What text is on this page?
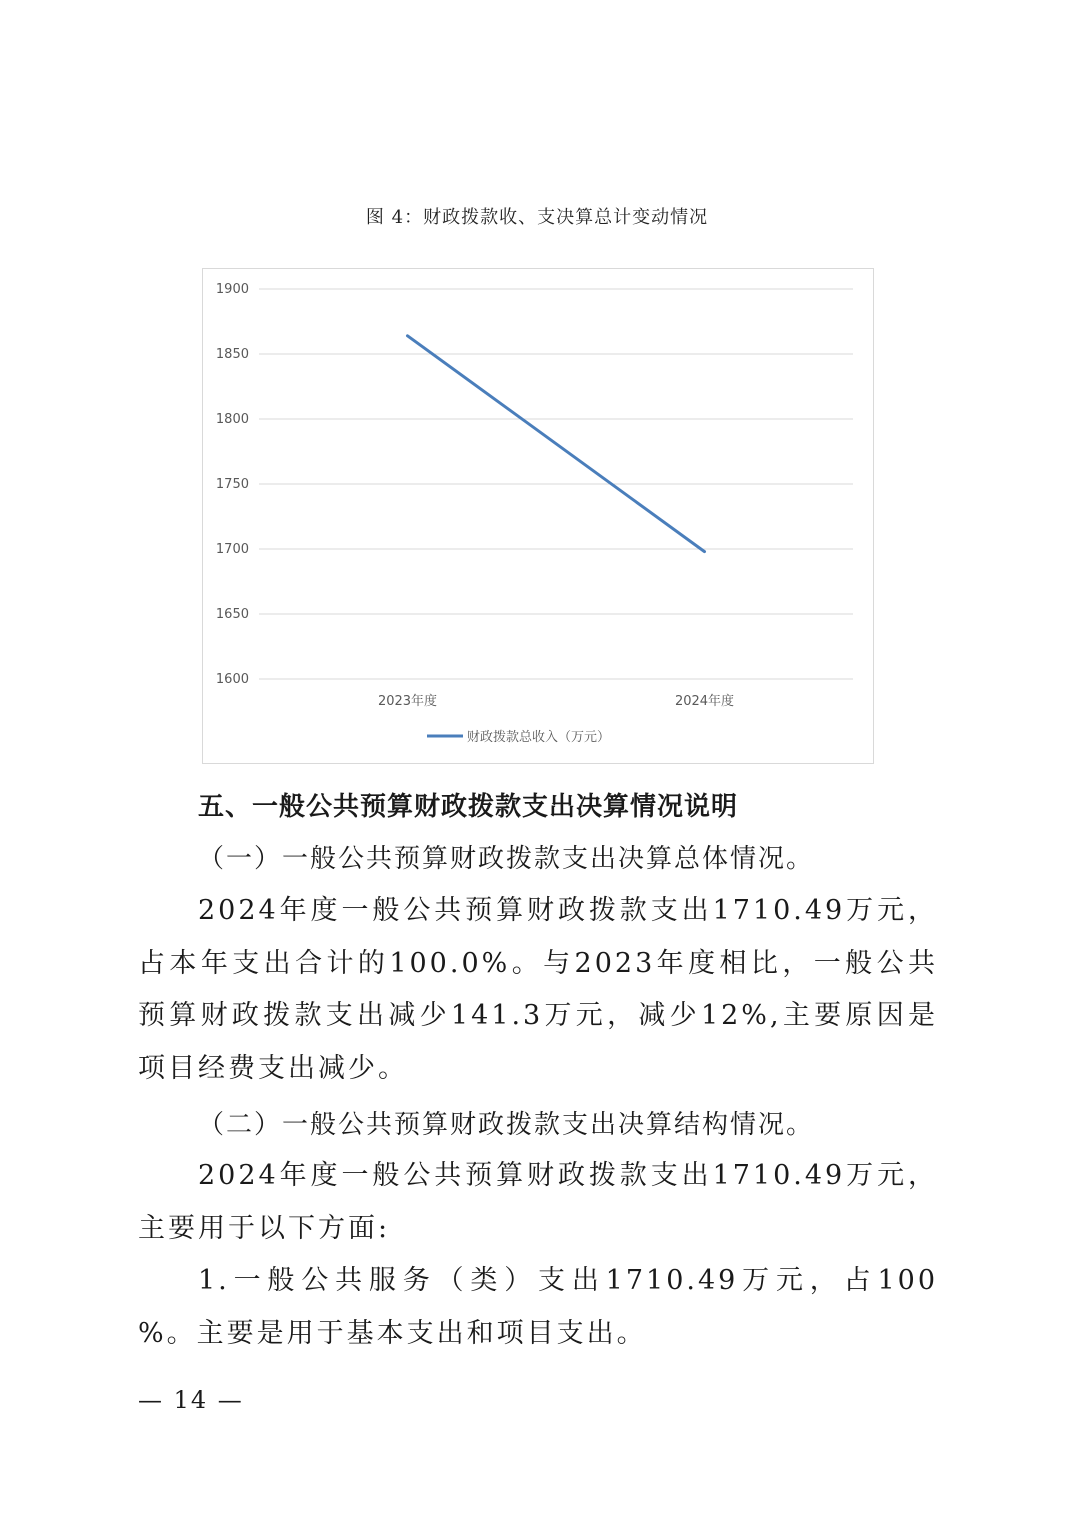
图 4：财政拨款收、支决算总计变动情况
1900
1850
1800
1750
1700
1650
1600
2023年度	2024年度
财政拨款总收入（万元）
五、一般公共预算财政拨款支出决算情况说明
（一）一般公共预算财政拨款支出决算总体情况。

2024年度一般公共预算财政拨款支出1710.49万元，占本年支出合计的100.0%。与2023年度相比，一般公共预算财政拨款支出减少141.3万元，减少12%,主要原因是项目经费支出减少。

（二）一般公共预算财政拨款支出决算结构情况。

2024年度一般公共预算财政拨款支出1710.49万元，主要用于以下方面:

1.一般公共服务（类）支出1710.49万元，占100 %。主要是用于基本支出和项目支出。

— 14 —
